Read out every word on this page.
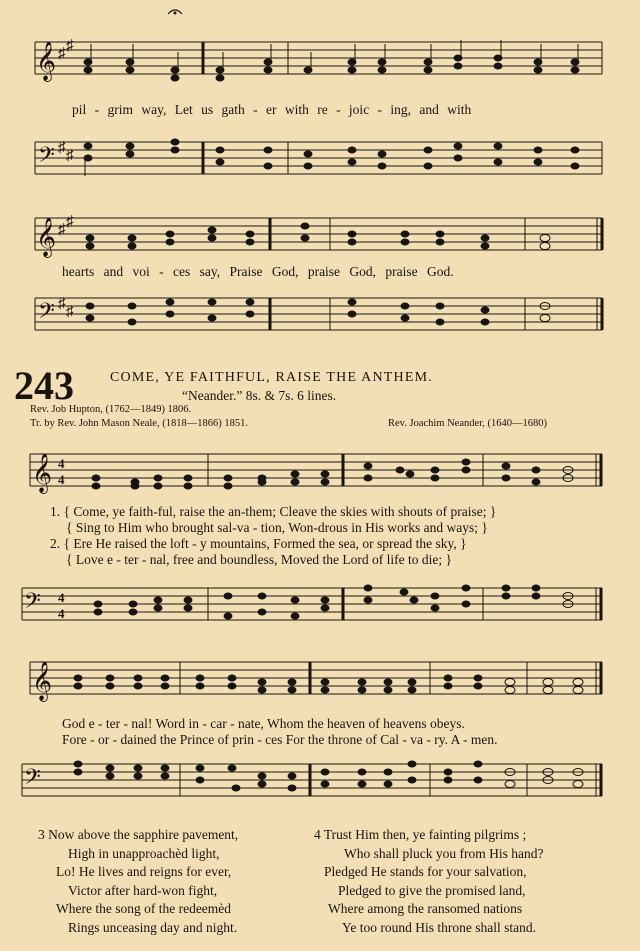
𝄞 ♯ ♯
pil - grim way, Let us gath - er with re - joic - ing, and with
𝄢 ♯ ♯
𝄞 ♯ ♯
hearts and voi - ces say, Praise God, praise God, praise God.
𝄢 ♯ ♯
243	COME, YE FAITHFUL, RAISE THE ANTHEM.
“Neander.” 8s. & 7s. 6 lines.
Rev. Job Hupton, (1762—1849) 1806.
Tr. by Rev. John Mason Neale, (1818—1866) 1851.	Rev. Joachim Neander, (1640—1680)
𝄞 4
4
1. { Come, ye faith-ful, raise the an-them; Cleave the skies with shouts of praise; }
{ Sing to Him who brought sal-va - tion, Won-drous in His works and ways; }
2. { Ere He raised the loft - y mountains, Formed the sea, or spread the sky, }
{ Love e - ter - nal, free and boundless, Moved the Lord of life to die; }
𝄢 4
4
𝄞
God e - ter - nal! Word in - car - nate, Whom the heaven of heavens obeys.
Fore - or - dained the Prince of prin - ces For the throne of Cal - va - ry. A - men.
𝄢
3 Now above the sapphire pavement,
High in unapproachèd light,
Lo! He lives and reigns for ever,
Victor after hard-won fight,
Where the song of the redeemèd
Rings unceasing day and night.
4 Trust Him then, ye fainting pilgrims ;
Who shall pluck you from His hand?
Pledged He stands for your salvation,
Pledged to give the promised land,
Where among the ransomed nations
Ye too round His throne shall stand.
